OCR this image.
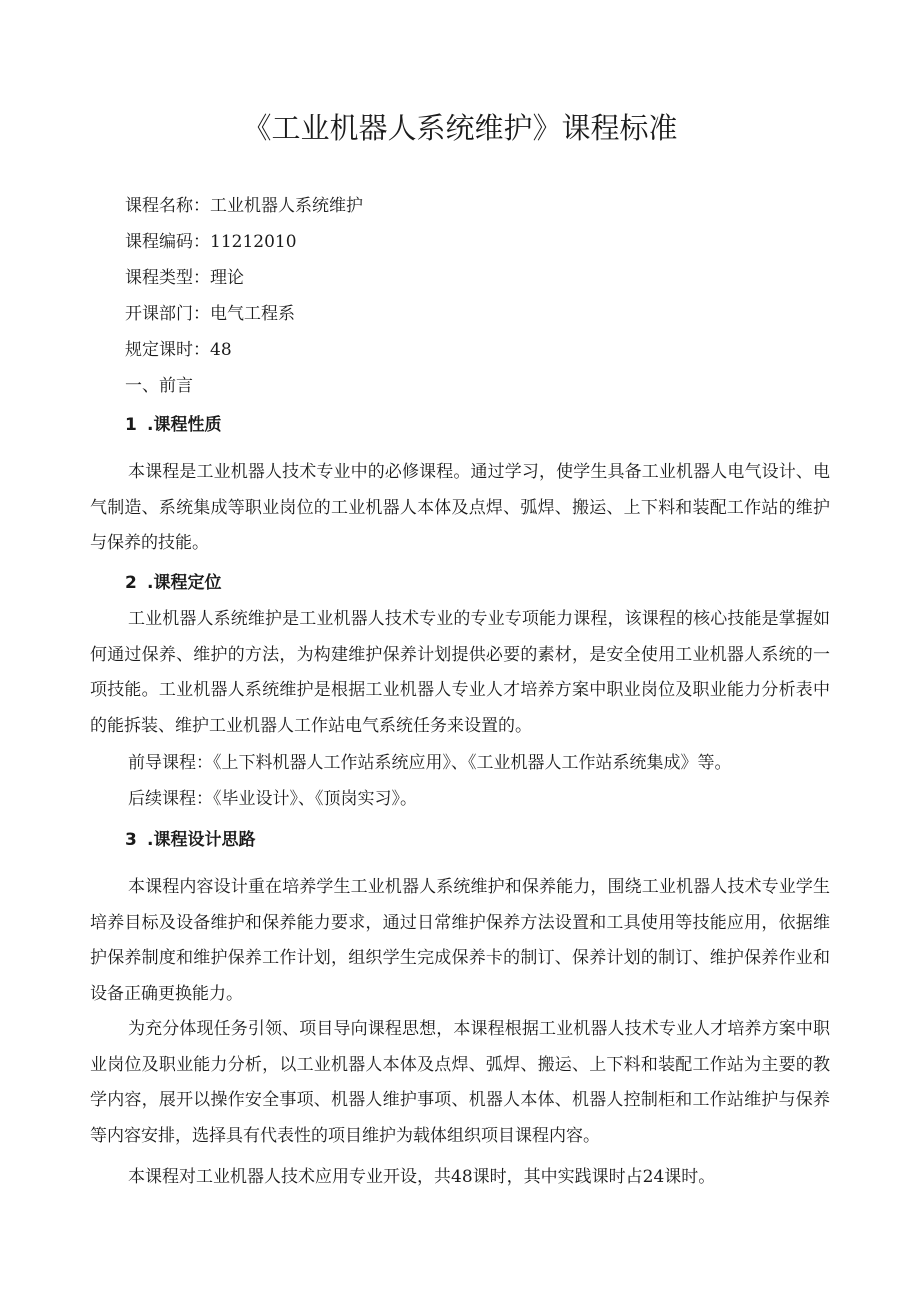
《工业机器人系统维护》课程标准
课程名称：工业机器人系统维护
课程编码：11212010
课程类型：理论
开课部门：电气工程系
规定课时：48
一、前言
1 .课程性质

本课程是工业机器人技术专业中的必修课程。通过学习，使学生具备工业机器人电气设计、电气制造、系统集成等职业岗位的工业机器人本体及点焊、弧焊、搬运、上下料和装配工作站的维护与保养的技能。

2 .课程定位

工业机器人系统维护是工业机器人技术专业的专业专项能力课程，该课程的核心技能是掌握如何通过保养、维护的方法，为构建维护保养计划提供必要的素材，是安全使用工业机器人系统的一项技能。工业机器人系统维护是根据工业机器人专业人才培养方案中职业岗位及职业能力分析表中的能拆装、维护工业机器人工作站电气系统任务来设置的。

前导课程：《上下料机器人工作站系统应用》、《工业机器人工作站系统集成》等。
后续课程：《毕业设计》、《顶岗实习》。
3 .课程设计思路

本课程内容设计重在培养学生工业机器人系统维护和保养能力，围绕工业机器人技术专业学生培养目标及设备维护和保养能力要求，通过日常维护保养方法设置和工具使用等技能应用，依据维护保养制度和维护保养工作计划，组织学生完成保养卡的制订、保养计划的制订、维护保养作业和设备正确更换能力。

为充分体现任务引领、项目导向课程思想，本课程根据工业机器人技术专业人才培养方案中职业岗位及职业能力分析，以工业机器人本体及点焊、弧焊、搬运、上下料和装配工作站为主要的教学内容，展开以操作安全事项、机器人维护事项、机器人本体、机器人控制柜和工作站维护与保养等内容安排，选择具有代表性的项目维护为载体组织项目课程内容。

本课程对工业机器人技术应用专业开设，共48课时，其中实践课时占24课时。
